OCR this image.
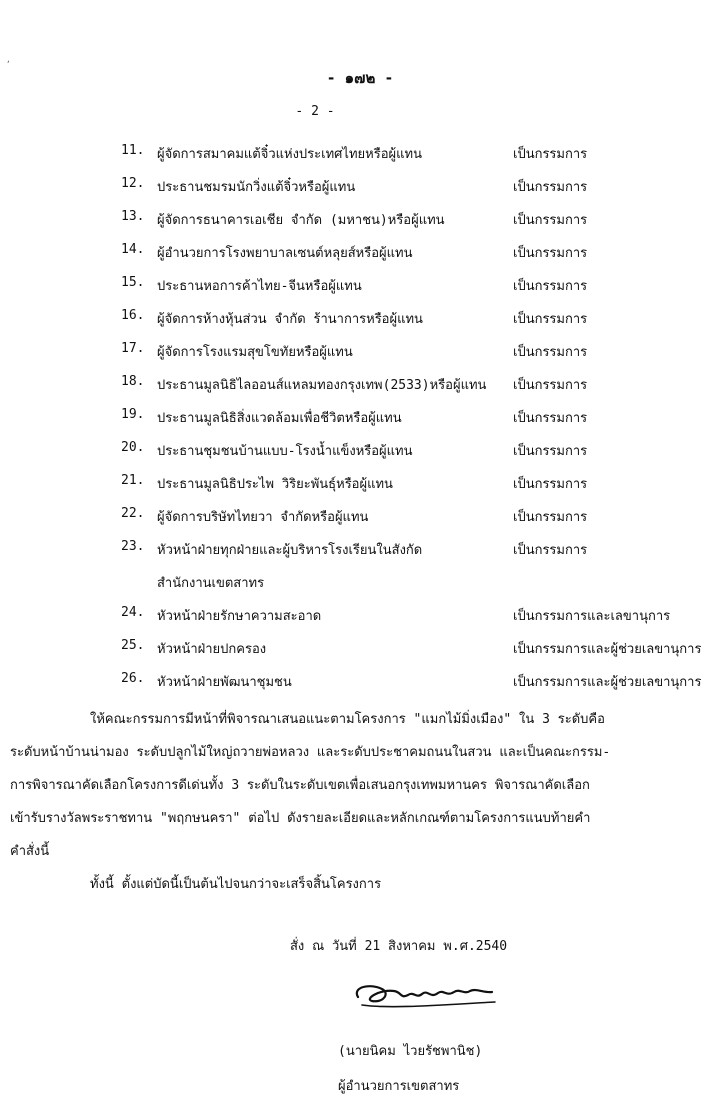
,
- ๑๗๒ -
- 2 -
11. ผู้จัดการสมาคมแต้จิ๋วแห่งประเทศไทยหรือผู้แทน	เป็นกรรมการ
12. ประธานชมรมนักวิ่งแต้จิ๋วหรือผู้แทน	เป็นกรรมการ
13. ผู้จัดการธนาคารเอเชีย จำกัด (มหาชน)หรือผู้แทน	เป็นกรรมการ
14. ผู้อำนวยการโรงพยาบาลเซนต์หลุยส์หรือผู้แทน	เป็นกรรมการ
15. ประธานหอการค้าไทย-จีนหรือผู้แทน	เป็นกรรมการ
16. ผู้จัดการห้างหุ้นส่วน จำกัด ร้านาการหรือผู้แทน	เป็นกรรมการ
17. ผู้จัดการโรงแรมสุขโขทัยหรือผู้แทน	เป็นกรรมการ
18. ประธานมูลนิธิไลออนส์แหลมทองกรุงเทพ(2533)หรือผู้แทน เป็นกรรมการ
19. ประธานมูลนิธิสิ่งแวดล้อมเพื่อชีวิตหรือผู้แทน	เป็นกรรมการ
20. ประธานชุมชนบ้านแบบ-โรงน้ำแข็งหรือผู้แทน	เป็นกรรมการ
21. ประธานมูลนิธิประไพ วิริยะพันธุ์หรือผู้แทน	เป็นกรรมการ
22. ผู้จัดการบริษัทไทยวา จำกัดหรือผู้แทน	เป็นกรรมการ
23. หัวหน้าฝ่ายทุกฝ่ายและผู้บริหารโรงเรียนในสังกัด	เป็นกรรมการ
สำนักงานเขตสาทร
24. หัวหน้าฝ่ายรักษาความสะอาด	เป็นกรรมการและเลขานุการ
25. หัวหน้าฝ่ายปกครอง	เป็นกรรมการและผู้ช่วยเลขานุการ
26. หัวหน้าฝ่ายพัฒนาชุมชน	เป็นกรรมการและผู้ช่วยเลขานุการ
ให้คณะกรรมการมีหน้าที่พิจารณาเสนอแนะตามโครงการ "แมกไม้มิ่งเมือง" ใน 3 ระดับคือ
ระดับหน้าบ้านน่ามอง ระดับปลูกไม้ใหญ่ถวายพ่อหลวง และระดับประชาคมถนนในสวน และเป็นคณะกรรม-
การพิจารณาคัดเลือกโครงการดีเด่นทั้ง 3 ระดับในระดับเขตเพื่อเสนอกรุงเทพมหานคร พิจารณาคัดเลือก
เข้ารับรางวัลพระราชทาน "พฤกษนครา" ต่อไป ดังรายละเอียดและหลักเกณฑ์ตามโครงการแนบท้ายคำ
คำสั่งนี้
ทั้งนี้ ตั้งแต่บัดนี้เป็นต้นไปจนกว่าจะเสร็จสิ้นโครงการ
สั่ง ณ วันที่ 21 สิงหาคม พ.ศ.2540
(นายนิคม ไวยรัชพานิช)
ผู้อำนวยการเขตสาทร
